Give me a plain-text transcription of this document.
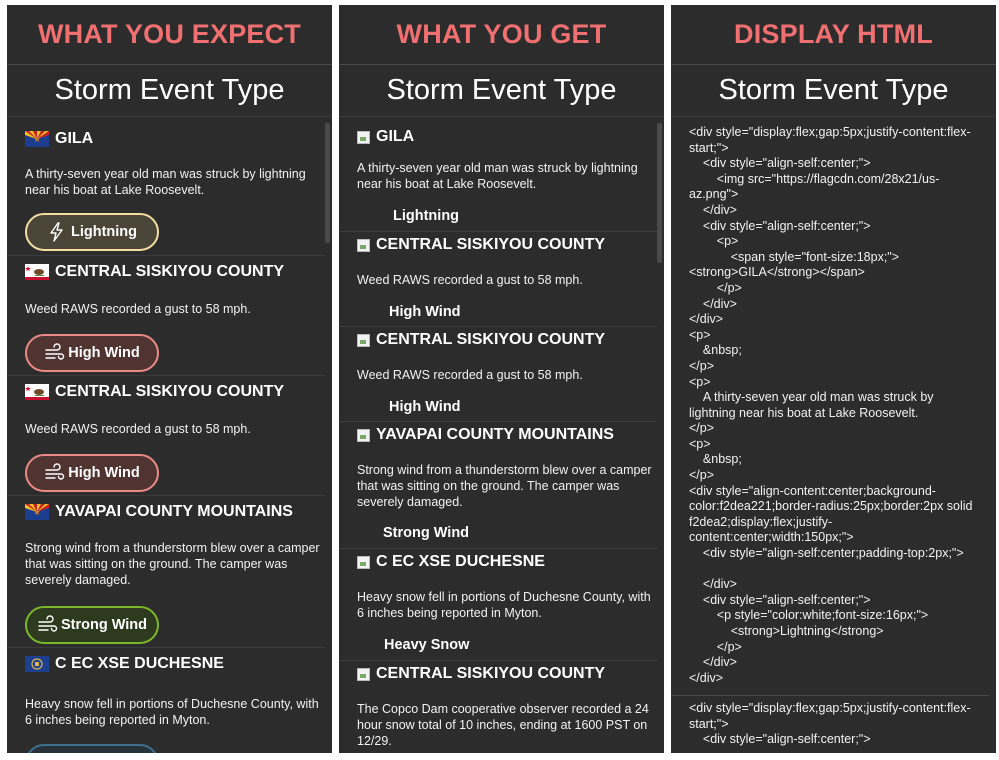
WHAT YOU EXPECT
Storm Event Type
GILA
A thirty-seven year old man was struck by lightning near his boat at Lake Roosevelt.
Lightning
CENTRAL SISKIYOU COUNTY
Weed RAWS recorded a gust to 58 mph.
High Wind
CENTRAL SISKIYOU COUNTY
Weed RAWS recorded a gust to 58 mph.
High Wind
YAVAPAI COUNTY MOUNTAINS
Strong wind from a thunderstorm blew over a camper that was sitting on the ground. The camper was severely damaged.
Strong Wind
C EC XSE DUCHESNE
Heavy snow fell in portions of Duchesne County, with 6 inches being reported in Myton.
WHAT YOU GET
Storm Event Type
GILA
A thirty-seven year old man was struck by lightning near his boat at Lake Roosevelt.
Lightning
CENTRAL SISKIYOU COUNTY
Weed RAWS recorded a gust to 58 mph.
High Wind
CENTRAL SISKIYOU COUNTY
Weed RAWS recorded a gust to 58 mph.
High Wind
YAVAPAI COUNTY MOUNTAINS
Strong wind from a thunderstorm blew over a camper that was sitting on the ground. The camper was severely damaged.
Strong Wind
C EC XSE DUCHESNE
Heavy snow fell in portions of Duchesne County, with 6 inches being reported in Myton.
Heavy Snow
CENTRAL SISKIYOU COUNTY
The Copco Dam cooperative observer recorded a 24 hour snow total of 10 inches, ending at 1600 PST on 12/29.
DISPLAY HTML
Storm Event Type
<div style="display:flex;gap:5px;justify-content:flex-start;">
<div style="align-self:center;">
<img src="https://flagcdn.com/28x21/us-az.png">
</div>
<div style="align-self:center;">
<p>
<span style="font-size:18px;"><strong>GILA</strong></span>
</p>
</div>
</div>
<p>
&nbsp;
</p>
<p>
A thirty-seven year old man was struck by lightning near his boat at Lake Roosevelt.
</p>
<p>
&nbsp;
</p>
<div style="align-content:center;background-color:f2dea221;border-radius:25px;border:2px solid f2dea2;display:flex;justify-content:center;width:150px;">
<div style="align-self:center;padding-top:2px;">

</div>
<div style="align-self:center;">
<p style="color:white;font-size:16px;">
<strong>Lightning</strong>
</p>
</div>
</div>
<div style="display:flex;gap:5px;justify-content:flex-start;">
<div style="align-self:center;">
